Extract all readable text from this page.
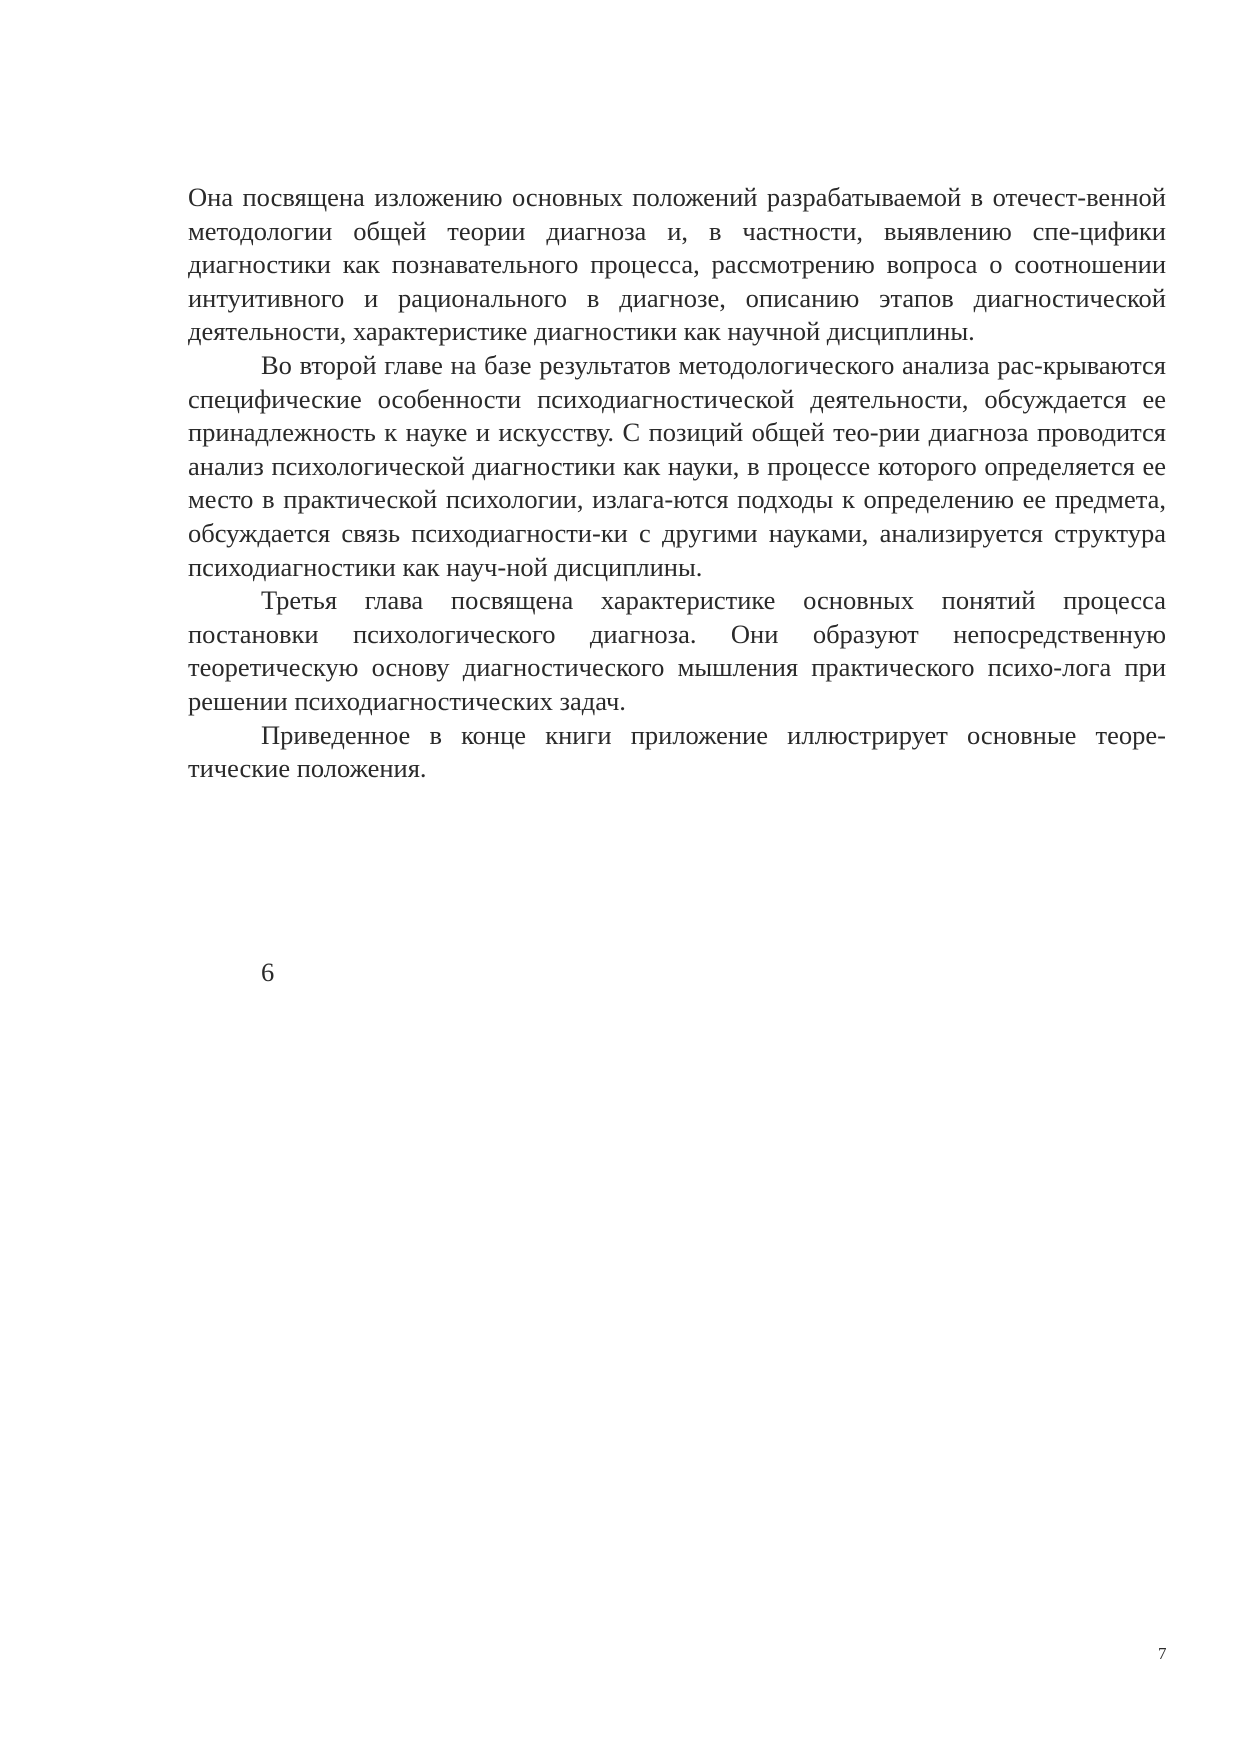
Она посвящена изложению основных положений разрабатываемой в отечест-венной методологии общей теории диагноза и, в частности, выявлению спе-цифики диагностики как познавательного процесса, рассмотрению вопроса о соотношении интуитивного и рационального в диагнозе, описанию этапов диагностической деятельности, характеристике диагностики как научной дисциплины.

Во второй главе на базе результатов методологического анализа рас-крываются специфические особенности психодиагностической деятельности, обсуждается ее принадлежность к науке и искусству. С позиций общей тео-рии диагноза проводится анализ психологической диагностики как науки, в процессе которого определяется ее место в практической психологии, излага-ются подходы к определению ее предмета, обсуждается связь психодиагности-ки с другими науками, анализируется структура психодиагностики как науч-ной дисциплины.

Третья глава посвящена характеристике основных понятий процесса постановки психологического диагноза. Они образуют непосредственную теоретическую основу диагностического мышления практического психо-лога при решении психодиагностических задач.

Приведенное в конце книги приложение иллюстрирует основные теоре-тические положения.

6
7
